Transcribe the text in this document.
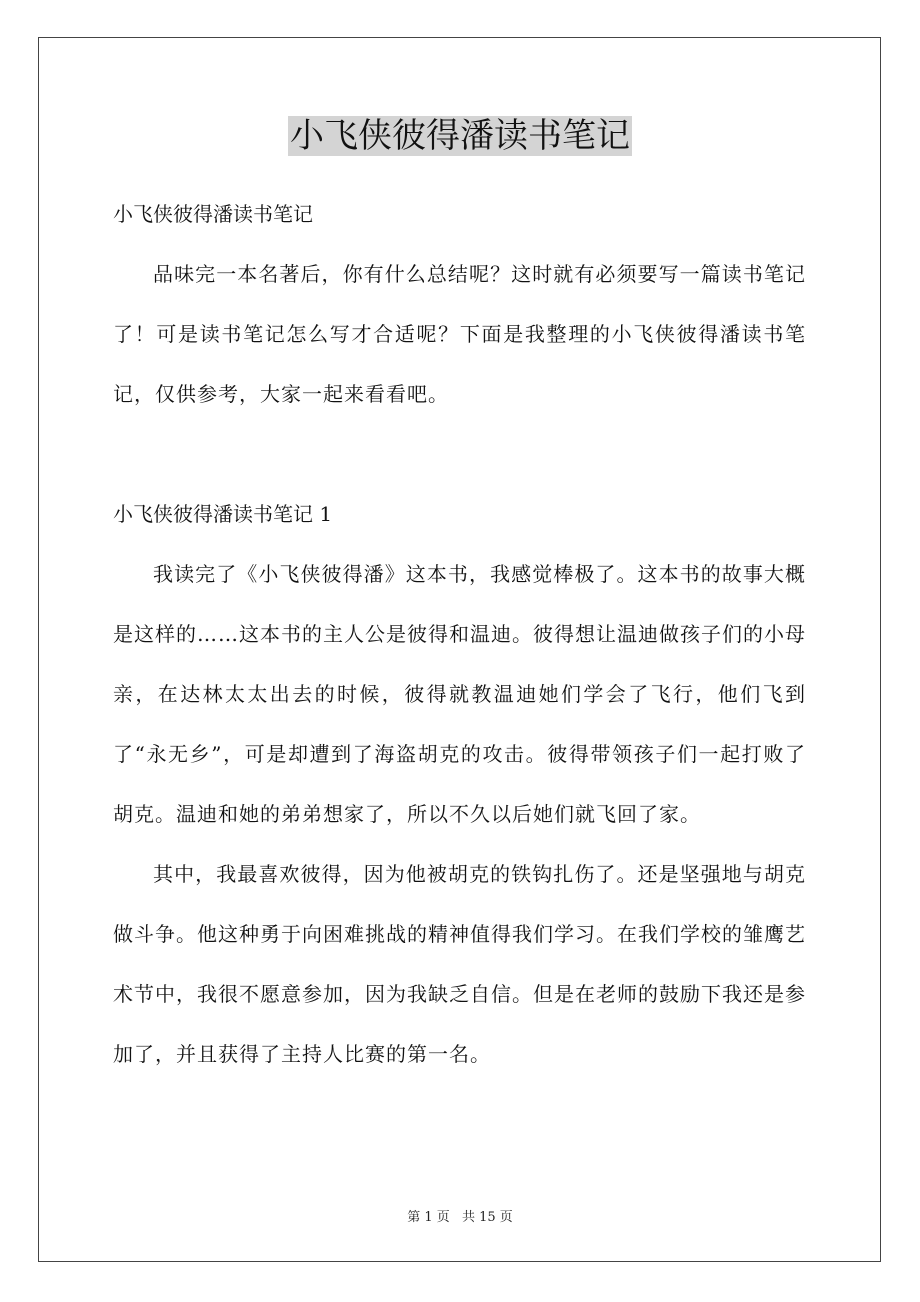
小飞侠彼得潘读书笔记

小飞侠彼得潘读书笔记

品味完一本名著后，你有什么总结呢？这时就有必须要写一篇读书笔记了！可是读书笔记怎么写才合适呢？下面是我整理的小飞侠彼得潘读书笔记，仅供参考，大家一起来看看吧。

小飞侠彼得潘读书笔记 1

我读完了《小飞侠彼得潘》这本书，我感觉棒极了。这本书的故事大概是这样的……这本书的主人公是彼得和温迪。彼得想让温迪做孩子们的小母亲，在达林太太出去的时候，彼得就教温迪她们学会了飞行，他们飞到了“永无乡”，可是却遭到了海盗胡克的攻击。彼得带领孩子们一起打败了胡克。温迪和她的弟弟想家了，所以不久以后她们就飞回了家。

其中，我最喜欢彼得，因为他被胡克的铁钩扎伤了。还是坚强地与胡克做斗争。他这种勇于向困难挑战的精神值得我们学习。在我们学校的雏鹰艺术节中，我很不愿意参加，因为我缺乏自信。但是在老师的鼓励下我还是参加了，并且获得了主持人比赛的第一名。

第 1 页 共 15 页
